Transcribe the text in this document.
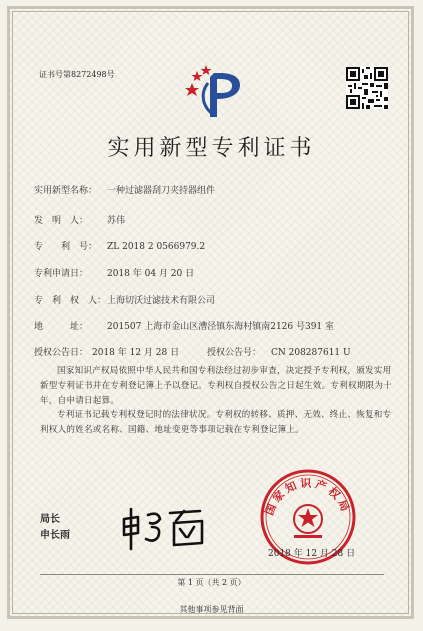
证书号第8272498号
实用新型专利证书
实用新型名称： 一种过滤器刮刀夹持器组件
发　明　人： 苏伟
专　　利　号： ZL 2018 2 0566979.2
专利申请日： 2018 年 04 月 20 日
专　利　权　人： 上海切沃过滤技术有限公司
地　　　址： 201507 上海市金山区漕泾镇东海村镇南2126 号391 室
授权公告日： 2018 年 12 月 28 日	授权公告号： CN 208287611 U
国家知识产权局依照中华人民共和国专利法经过初步审查，决定授予专利权，颁发实用新型专利证书并在专利登记簿上予以登记。专利权自授权公告之日起生效。专利权期限为十年，自申请日起算。
专利证书记载专利权登记时的法律状况。专利权的转移、质押、无效、终止、恢复和专利权人的姓名或名称、国籍、地址变更等事项记载在专利登记簿上。
局长
申长雨
国家知识产权局
2018 年 12 月 28 日
第 1 页（共 2 页）
其他事项参见背面
